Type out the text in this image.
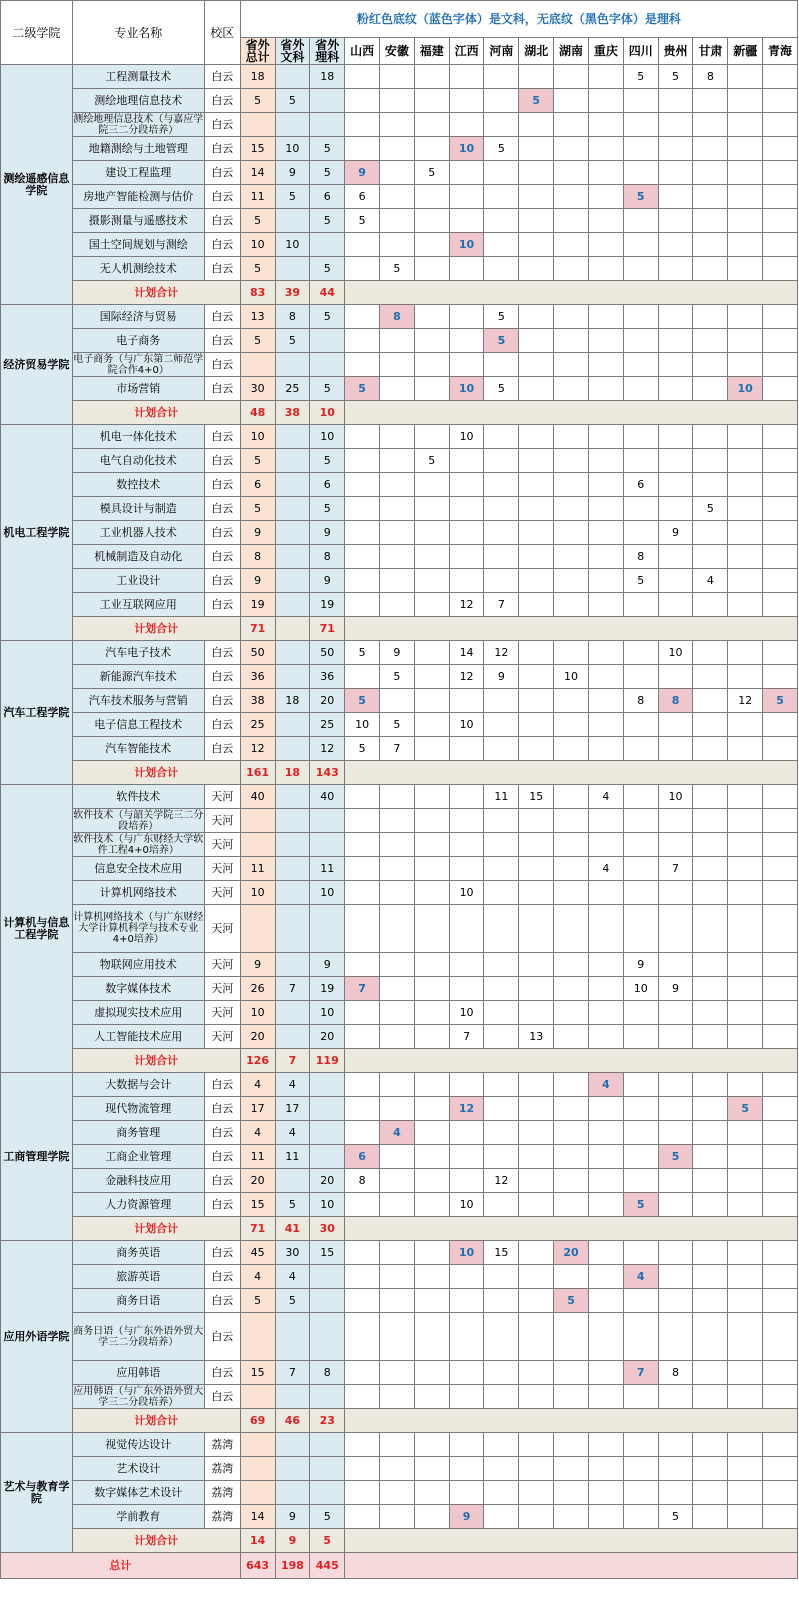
二级学院	专业名称	校区	粉红色底纹（蓝色字体）是文科，无底纹（黑色字体）是理科															
			省外总计	省外文科	省外理科	山西	安徽	福建	江西	河南	湖北	湖南	重庆	四川	贵州	甘肃	新疆	青海
测绘遥感信息学院	工程测量技术	白云	18		18									5	5	8		
	测绘地理信息技术	白云	5	5							5							
	测绘地理信息技术（与嘉应学院三二分段培养）	白云																
	地籍测绘与土地管理	白云	15	10	5				10	5								
	建设工程监理	白云	14	9	5	9		5										
	房地产智能检测与估价	白云	11	5	6	6								5				
	摄影测量与遥感技术	白云	5		5	5												
	国土空间规划与测绘	白云	10	10					10									
	无人机测绘技术	白云	5		5		5											
	计划合计		83	39	44													
经济贸易学院	国际经济与贸易	白云	13	8	5		8			5								
	电子商务	白云	5	5						5								
	电子商务（与广东第二师范学院合作4+0）	白云																
	市场营销	白云	30	25	5	5			10	5							10	
	计划合计		48	38	10													
机电工程学院	机电一体化技术	白云	10		10				10									
	电气自动化技术	白云	5		5			5										
	数控技术	白云	6		6									6				
	模具设计与制造	白云	5		5											5		
	工业机器人技术	白云	9		9										9			
	机械制造及自动化	白云	8		8									8				
	工业设计	白云	9		9									5		4		
	工业互联网应用	白云	19		19				12	7								
	计划合计		71		71													
汽车工程学院	汽车电子技术	白云	50		50	5	9		14	12					10			
	新能源汽车技术	白云	36		36		5		12	9		10						
	汽车技术服务与营销	白云	38	18	20	5								8	8		12	5
	电子信息工程技术	白云	25		25	10	5		10									
	汽车智能技术	白云	12		12	5	7											
	计划合计		161	18	143													
计算机与信息工程学院	软件技术	天河	40		40					11	15		4		10			
	软件技术（与韶关学院三二分段培养）	天河																
	软件技术（与广东财经大学软件工程4+0培养）	天河																
	信息安全技术应用	天河	11		11								4		7			
	计算机网络技术	天河	10		10				10									
	计算机网络技术（与广东财经大学计算机科学与技术专业4+0培养）	天河																
	物联网应用技术	天河	9		9									9				
	数字媒体技术	天河	26	7	19	7								10	9			
	虚拟现实技术应用	天河	10		10				10									
	人工智能技术应用	天河	20		20				7		13							
	计划合计		126	7	119													
工商管理学院	大数据与会计	白云	4	4									4					
	现代物流管理	白云	17	17					12								5	
	商务管理	白云	4	4			4											
	工商企业管理	白云	11	11		6									5			
	金融科技应用	白云	20		20	8				12								
	人力资源管理	白云	15	5	10				10					5				
	计划合计		71	41	30													
应用外语学院	商务英语	白云	45	30	15				10	15		20						
	旅游英语	白云	4	4										4				
	商务日语	白云	5	5								5						
	商务日语（与广东外语外贸大学三二分段培养）	白云																
	应用韩语	白云	15	7	8									7	8			
	应用韩语（与广东外语外贸大学三二分段培养）	白云																
	计划合计		69	46	23													
艺术与教育学院	视觉传达设计	荔湾																
	艺术设计	荔湾																
	数字媒体艺术设计	荔湾																
	学前教育	荔湾	14	9	5				9						5			
	计划合计		14	9	5													
总计			643	198	445													
